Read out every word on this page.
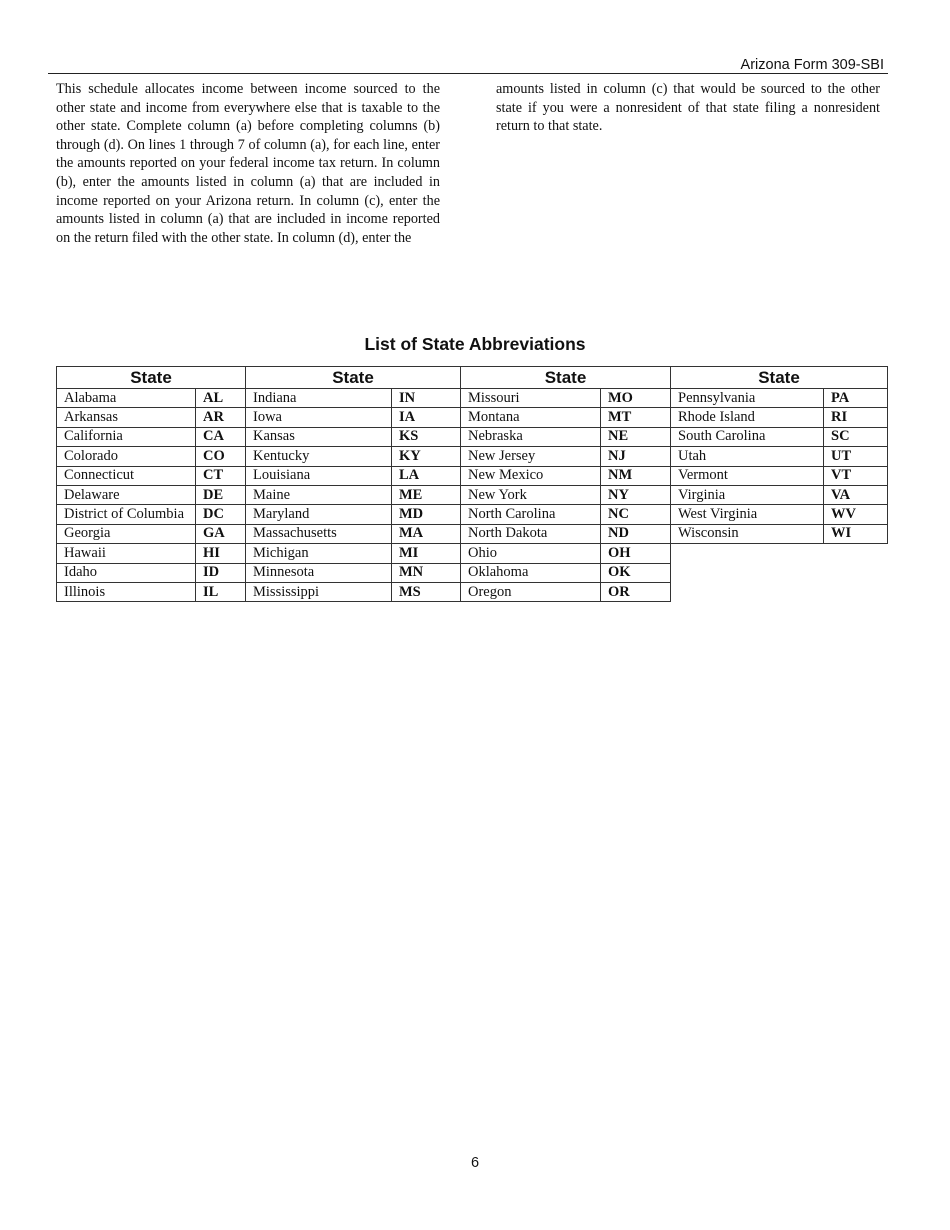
Arizona Form 309-SBI
This schedule allocates income between income sourced to the other state and income from everywhere else that is taxable to the other state. Complete column (a) before completing columns (b) through (d). On lines 1 through 7 of column (a), for each line, enter the amounts reported on your federal income tax return. In column (b), enter the amounts listed in column (a) that are included in income reported on your Arizona return. In column (c), enter the amounts listed in column (a) that are included in income reported on the return filed with the other state. In column (d), enter the
amounts listed in column (c) that would be sourced to the other state if you were a nonresident of that state filing a nonresident return to that state.
List of State Abbreviations
State	
Alabama	AL
Arkansas	AR
California	CA
Colorado	CO
Connecticut	CT
Delaware	DE
District of Columbia	DC
Georgia	GA
Hawaii	HI
Idaho	ID
Illinois	IL
State	
Indiana	IN
Iowa	IA
Kansas	KS
Kentucky	KY
Louisiana	LA
Maine	ME
Maryland	MD
Massachusetts	MA
Michigan	MI
Minnesota	MN
Mississippi	MS
State	
Missouri	MO
Montana	MT
Nebraska	NE
New Jersey	NJ
New Mexico	NM
New York	NY
North Carolina	NC
North Dakota	ND
Ohio	OH
Oklahoma	OK
Oregon	OR
State	
Pennsylvania	PA
Rhode Island	RI
South Carolina	SC
Utah	UT
Vermont	VT
Virginia	VA
West Virginia	WV
Wisconsin	WI
6
